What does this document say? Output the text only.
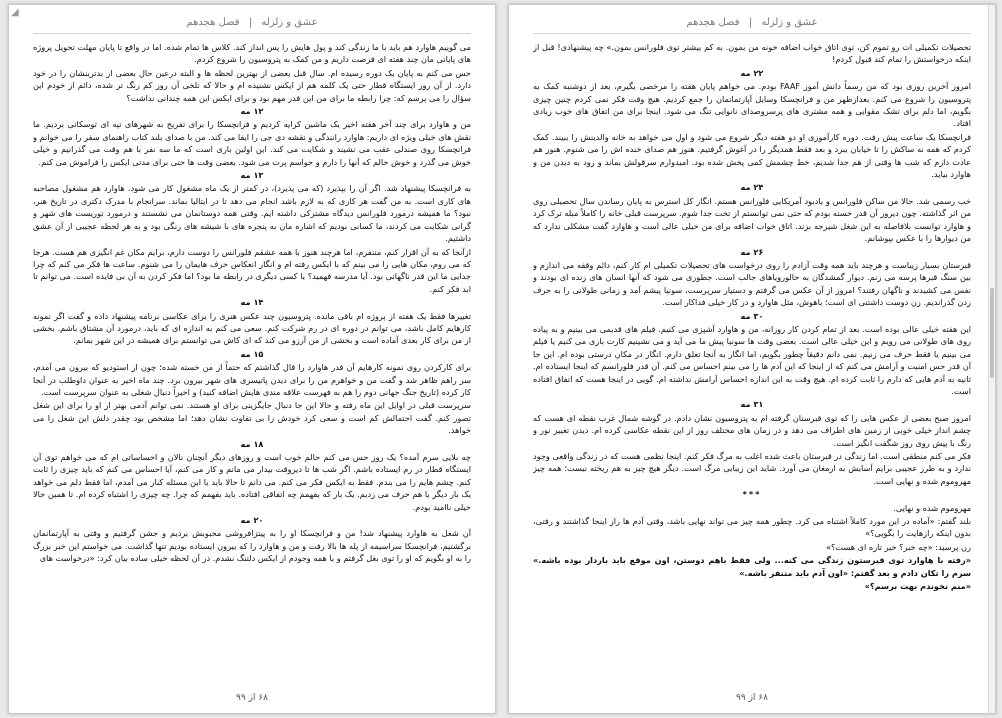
◢
عشق و زلزله | فصل هجدهم

می گوییم هاوارد هم باید با ما زندگی کند و پول هایش را پس انداز کند. کلاس ها تمام شده. اما در واقع تا پایان مهلت تحویل پروژه های پایانی مان چند هفته ای فرصت داریم و من کمک به پتروسیون را شروع کردم.

حس می کنم به پایان یک دوره رسیده ام. سال قبل بعضی از بهترین لحظه ها و البته درعین حال بعضی از بدترینشان را در خود دارد. از آن روز ایستگاه قطار حتی یک کلمه هم از ایکس نشنیده ام و حالا که تلخی آن روز کم رنگ تر شده، دائم از خودم این سؤال را می پرسم که: چرا رابطه ما برای من این قدر مهم بود و برای ایکس این همه چندانی نداشت؟

۱۲ مه

من و هاوارد برای چند آخر هفته اخیر یک ماشین کرایه کردیم و فرانچسکا را برای تفریح به شهرهای تپه ای توسکانی بردیم. ما نقش های خیلی ویژه ای داریم: هاوارد رانندگی و نقشه دی جی را ایفا می کند. من با صدای بلند کتاب راهنمای سفر را می خوانم و فرانچسکا روی صندلی عقب می نشیند و شکایت می کند. این اولین باری است که ما سه نفر با هم وقت می گذرانیم و خیلی خوش می گذرد و خوش حالم که آنها را دارم و حواسم پرت می شود. بعضی وقت ها حتی برای مدتی ایکس را فراموش می کنم.

۱۳ مه

به فرانچسکا پیشنهاد شد. اگر آن را بپذیرد (که می پذیرد)، در کمتر از یک ماه مشغول کار می شود. هاوارد هم مشغول مصاحبه های کاری است. به من گفت هر کاری که به لازم باشد انجام می دهد تا در ایتالیا بماند. سرانجام با مدرک دکتری در تاریخ هنر، نبود؟ ما همیشه درمورد فلورانس دیدگاه مشترکی داشته ایم. وقتی همه دوستانمان می نشستند و درمورد توریست های شهر و گرانی شکایت می کردند، ما کسانی بودیم که اشاره مان به پنجره های با شیشه های رنگی بود و به هر لحظه عجیبی از آن عشق داشتیم.

ازآنجا که به آن اقرار کنم، متنفرم، اما هرچند هنوز با همه عشقم فلورانس را دوست دارم، برایم مکان غم انگیزی هم هست. هرجا که می روم، مکان هایی را می بینم که با ایکس رفته ام و انگار انعکاس حرف هایمان را می شنوم. ساعت ها فکر می کنم که چرا جدایی ما این قدر ناگهانی بود. آیا مدرسه فهمید؟ یا کسی دیگری در رابطه ما بود؟ اما فکر کردن به آن بی فایده است. می توانم تا ابد فکر کنم.

۱۴ مه

تغییرها فقط یک هفته از پروژه ام باقی مانده. پتروسیون چند عکس هنری را برای عکاسی برنامه پیشنهاد داده و گفت اگر نمونه کارهایم کامل باشد، می توانم در دوره ای در رم شرکت کنم. سعی می کنم به اندازه ای که باید، درمورد آن مشتاق باشم. بخشی از من برای کار بعدی آماده است و بخشی از من آرزو می کند که ای کاش می توانستم برای همیشه در این شهر بمانم.

۱۵ مه

برای کارکردن روی نمونه کارهایم آن قدر هاوارد را قال گذاشتم که حتماً از من خسته شده؛ چون از استودیو که بیرون می آمدم، سر راهم ظاهر شد و گفت من و خواهرم من را برای دیدن پاتیسری های شهر بیرون برد. چند ماه اخیر به عنوان داوطلب در آنجا کار کرده (تاریخ جنگ جهانی دوم را هم به فهرست علاقه مندی هایش اضافه کنید) و اخیراً دنبال شغلی به عنوان سرپرست است.

سرپرست قبلی در اوایل این ماه رفته و حالا این جا دنبال جایگزینی برای او هستند. نمی توانم آدمی بهتر از او را برای این شغل تصور کنم. گفت احتمالش کم است و سعی کرد خودش را بی تفاوت نشان دهد؛ اما مشخص بود چقدر دلش این شغل را می خواهد.

۱۸ مه

چه بلایی سرم آمده؟ یک روز حس می کنم حالم خوب است و روزهای دیگر آنچنان نالان و احساساتی ام که می خواهم توی آن ایستگاه قطار در رم ایستاده باشم. اگر شب ها تا دیروقت بیدار می مانم و کار می کنم، آیا احساس می کنم که باید چیزی را ثابت کنم. چشم هایم را می بندم. فقط به ایکس فکر می کنم. می دانم تا حالا باید با این مسئله کنار می آمدم، اما فقط دلم می خواهد یک بار دیگر با هم حرف می زدیم. یک بار که بفهمم چه اتفاقی افتاده. باید بفهمم که چرا. چه چیزی را اشتباه کرده ام. تا همین حالا خیلی ناامید بودم.

۲۰ مه

آن شغل به هاوارد پیشنهاد شد! من و فرانچسکا او را به پیتزافروشی محبوبش بردیم و جشن گرفتیم و وقتی به آپارتمانمان برگشتیم، فرانچسکا سراسیمه از پله ها بالا رفت و من و هاوارد را که بیرون ایستاده بودیم تنها گذاشت. می خواستم این خبر بزرگ را به او بگویم که او را توی بغل گرفتم و با همه وجودم از ایکس دلتنگ نشدم. در آن لحظه خیلی ساده بیان کرد: «درخواست های

۶۸ از ۹۹
عشق و زلزله | فصل هجدهم

تحصیلات تکمیلی ات رو تموم کن، توی اتاق خواب اضافه خونه من بمون. به کم بیشتر توی فلورانس بمون.» چه پیشنهادی! قبل از اینکه درخواستش را تمام کند قبول کردم!

۲۲ مه

امروز آخرین روزی بود که من رسماً دانش آموز FAAF بودم. می خواهم پایان هفته را مرخصی بگیرم، بعد از دوشنبه کمک به پتروسیون را شروع می کنم. بعدازظهر من و فرانچسکا وسایل آپارتمانمان را جمع کردیم. هیچ وقت فکر نمی کردم چنین چیزی بگویم، اما دلم برای تشک مقوایی و همه مشتری های پرسروصدای نانوایی تنگ می شود. اینجا برای من اتفاق های خوب زیادی افتاد.

فرانچسکا یک ساعت پیش رفت. دوره کارآموزی او دو هفته دیگر شروع می شود و اول می خواهد به خانه والدینش را ببیند. کمک کردم که همه نه ساکش را تا خیابان ببرد و بعد فقط همدیگر را در آغوش گرفتیم. هنوز هم صدای خنده اش را می شنوم. هنوز هم عادت دارم که شب ها وقتی از هم جدا شدیم، خط چشمش کمی پخش شده بود. امیدوارم سرقولش بماند و زود به دیدن من و هاوارد بیاید.

۲۴ مه

خب رسمی شد. حالا من ساکن فلورانس و یادبود آمریکایی فلورانس هستم. انگار کل استرس به پایان رساندن سال تحصیلی روی من اثر گذاشته. چون دیروز آن قدر خسته بودم که حتی نمی توانستم از تخت جدا شوم. سرپرست قبلی خانه را کاملاً مبله ترک کرد و هاوارد توانست بلافاصله به این شغل شیرجه بزند. اتاق خواب اضافه برای من خیلی عالی است و هاوارد گفت مشکلی ندارد که من دیوارها را با عکس بپوشانم.

۲۶ مه

قبرستان بسیار زیباست و هرچند باید همه وقت آزادم را روی درخواست های تحصیلات تکمیلی ام کار کنم، دائم وقفه می اندازم و بین سنگ قبرها پرسه می زنم. دیوار گمشدگان به حالورویاهای جالب است. جطوری می شود که آنها انسان های زنده ای بودند و نفس می کشیدند و ناگهان رفتند؟ امروز از آن عکس می گرفتم و دستیار سرپرست، سونیا پیشم آمد و زمانی طولانی را به حرف زدن گذراندیم. زن دوست داشتنی ای است؛ باهوش، مثل هاوارد و در کار خیلی فداکار است.

۳۰ مه

این هفته خیلی عالی بوده است. بعد از تمام کردن کار روزانه، من و هاوارد آشپزی می کنیم. فیلم های قدیمی می بینیم و به پیاده روی های طولانی می رویم و این خیلی عالی است. بعضی وقت ها سونیا پیش ما می آید و می نشینیم کارت بازی می کنیم یا فیلم می بینیم یا فقط حرف می زنیم. نمی دانم دقیقاً چطور بگویم، اما انگار به آنجا تعلق دارم. انگار در مکان درستی بوده ام. این جا آن قدر حس امنیت و آرامش می کنم که از اینجا که این آدم ها را می بینم احساس می کنم. آن قدر فلورانسم که اینجا ایستاده ام. ثانیه به آدم هایی که دارم را ثابت کرده ام. هیچ وقت به این اندازه احساس آرامش نداشته ام. گویی در اینجا هست که اتفاق افتاده است.

۳۱ مه

امروز صبح بعضی از عکس هایی را که توی قبرستان گرفته ام به پتروسیون نشان دادم. در گوشه شمال غرب نقطه ای هست که چشم انداز خیلی خوبی از زمین های اطراف می دهد و در زمان های مختلف روز از این نقطه عکاسی کرده ام. دیدن تغییر نور و رنگ با پیش روی روز شگفت انگیز است.

فکر می کنم منطقی است. اما زندگی در قبرستان باعث شده اغلب به مرگ فکر کنم. اینجا نظمی هست که در زندگی واقعی وجود ندارد و به طرز عجیبی برایم آسایش به ارمغان می آورد. شاید این زیبایی مرگ است. دیگر هیچ چیز به هم ریخته نیست؛ همه چیز مهروموم شده و نهایی است.

***

مهروموم شده و نهایی.

بلند گفتم: «آماده در این مورد کاملاً اشتباه می کرد. چطور همه چیز می تواند نهایی باشد، وقتی آدم ها راز اینجا گذاشتند و رفتی، بدون اینکه رازهایت را بگویی؟»

رن پرسید: «چه خبر؟ خبر تازه ای هست؟»

«رفته با هاوارد توی قبرستون زندگی می کنه... ولی فقط باهم دوستن، اون موقع باید باردار بوده باشه.» سرم را تکان دادم و بعد گفتم: «اون آدم باید متنفر باشه.»

«منم نخوندم بهت برسم؟»

۶۸ از ۹۹
